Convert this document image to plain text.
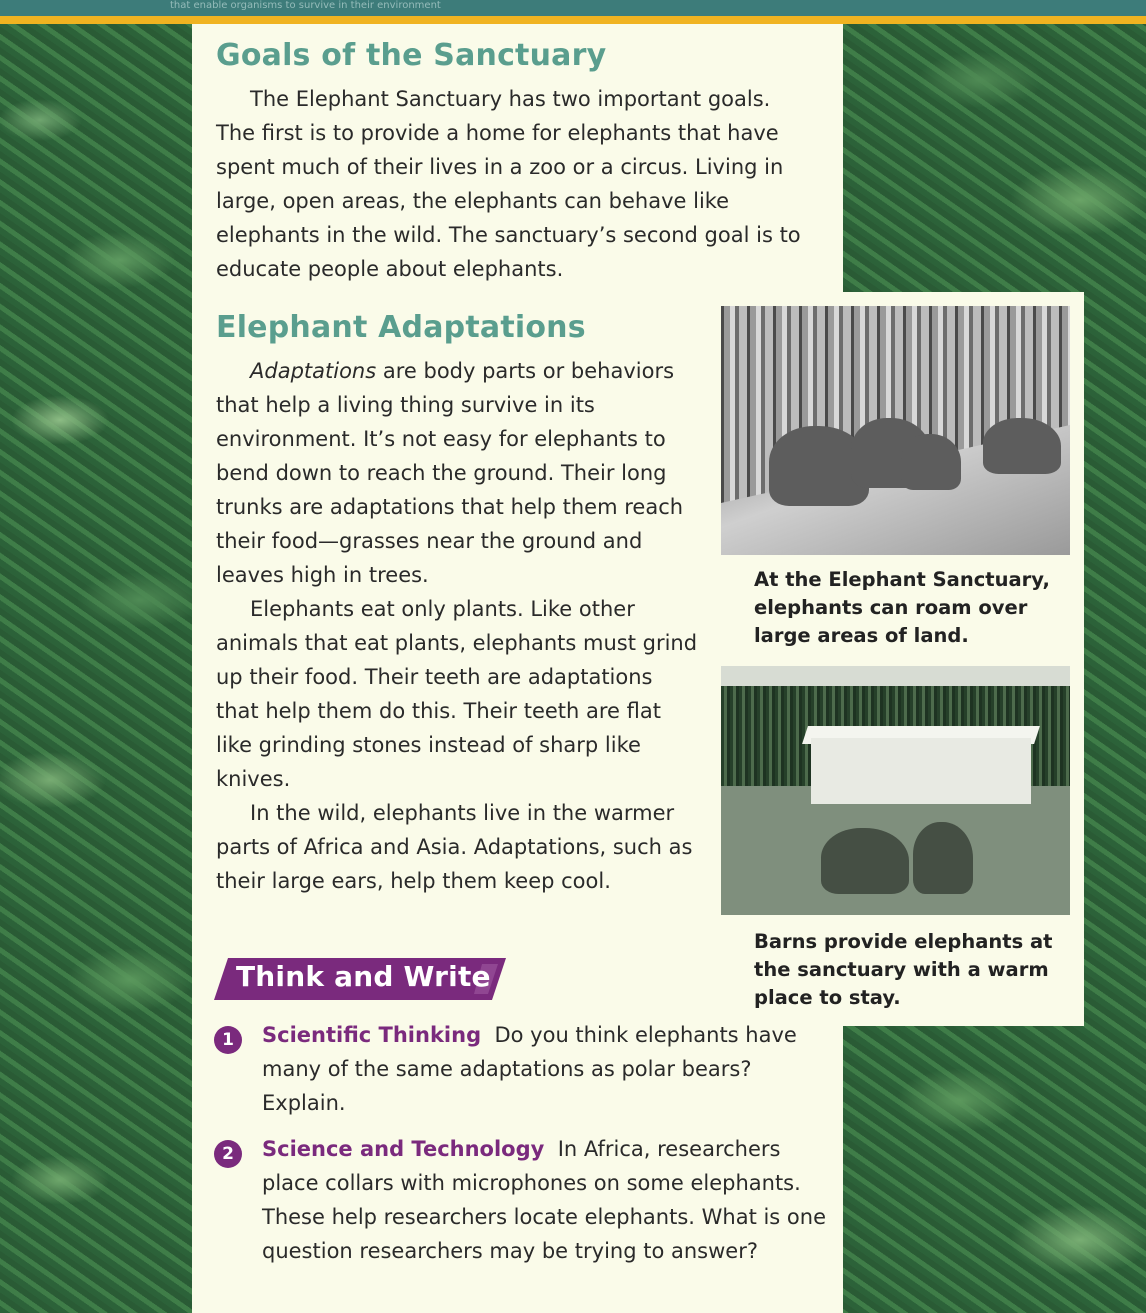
that enable organisms to survive in their environment
Goals of the Sanctuary

The Elephant Sanctuary has two important goals. The first is to provide a home for elephants that have spent much of their lives in a zoo or a circus. Living in large, open areas, the elephants can behave like elephants in the wild. The sanctuary’s second goal is to educate people about elephants.

Elephant Adaptations

Adaptations are body parts or behaviors that help a living thing survive in its environment. It’s not easy for elephants to bend down to reach the ground. Their long trunks are adaptations that help them reach their food—grasses near the ground and leaves high in trees.

Elephants eat only plants. Like other animals that eat plants, elephants must grind up their food. Their teeth are adaptations that help them do this. Their teeth are flat like grinding stones instead of sharp like knives.

In the wild, elephants live in the warmer parts of Africa and Asia. Adaptations, such as their large ears, help them keep cool.

At the Elephant Sanctuary, elephants can roam over large areas of land.
Barns provide elephants at the sanctuary with a warm place to stay.
Think and Write
1	Scientific Thinking Do you think elephants have many of the same adaptations as polar bears? Explain.
2	Science and Technology In Africa, researchers place collars with microphones on some elephants. These help researchers locate elephants. What is one question researchers may be trying to answer?
